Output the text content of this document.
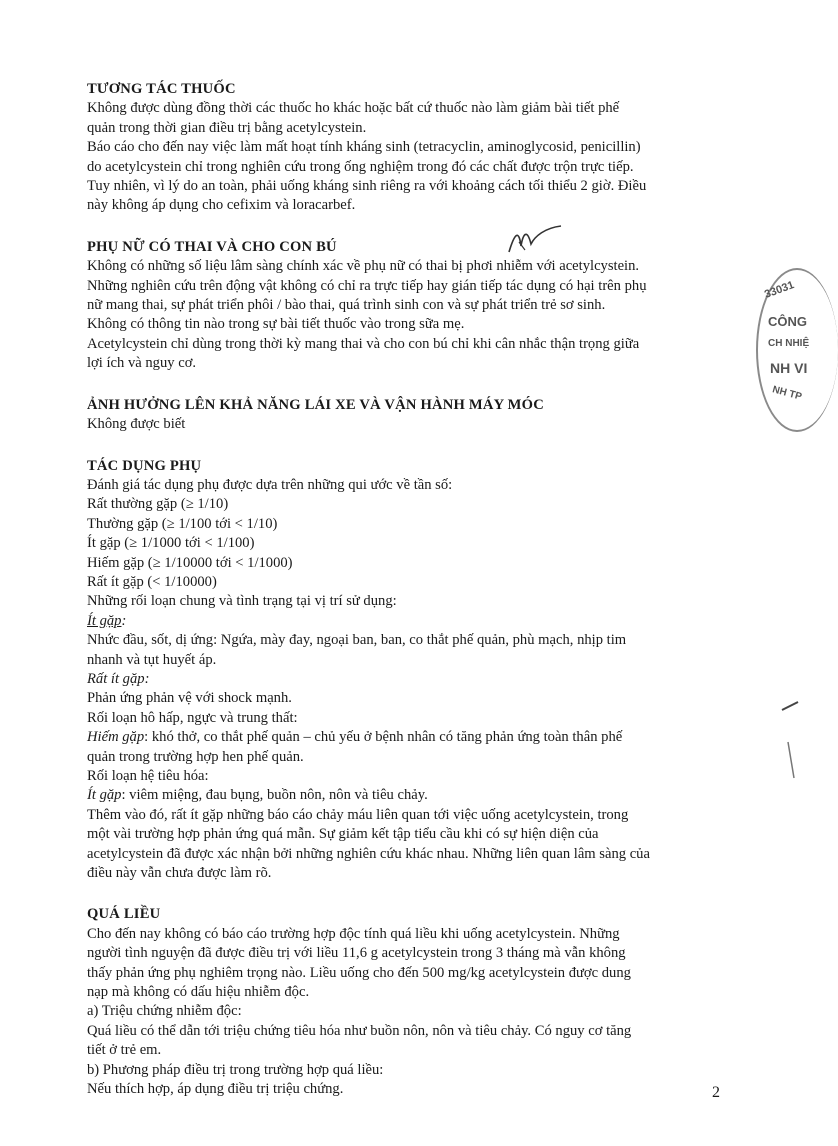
TƯƠNG TÁC THUỐC
Không được dùng đồng thời các thuốc ho khác hoặc bất cứ thuốc nào làm giảm bài tiết phế
quản trong thời gian điều trị bằng acetylcystein.
Báo cáo cho đến nay việc làm mất hoạt tính kháng sinh (tetracyclin, aminoglycosid, penicillin)
do acetylcystein chỉ trong nghiên cứu trong ống nghiệm trong đó các chất được trộn trực tiếp.
Tuy nhiên, vì lý do an toàn, phải uống kháng sinh riêng ra với khoảng cách tối thiểu 2 giờ. Điều
này không áp dụng cho cefixim và loracarbef.
PHỤ NỮ CÓ THAI VÀ CHO CON BÚ
Không có những số liệu lâm sàng chính xác về phụ nữ có thai bị phơi nhiễm với acetylcystein.
Những nghiên cứu trên động vật không có chỉ ra trực tiếp hay gián tiếp tác dụng có hại trên phụ
nữ mang thai, sự phát triển phôi / bào thai, quá trình sinh con và sự phát triển trẻ sơ sinh.
Không có thông tin nào trong sự bài tiết thuốc vào trong sữa mẹ.
Acetylcystein chỉ dùng trong thời kỳ mang thai và cho con bú chỉ khi cân nhắc thận trọng giữa
lợi ích và nguy cơ.
ẢNH HƯỞNG LÊN KHẢ NĂNG LÁI XE VÀ VẬN HÀNH MÁY MÓC
Không được biết
TÁC DỤNG PHỤ
Đánh giá tác dụng phụ được dựa trên những qui ước về tần số:
Rất thường gặp (≥ 1/10)
Thường gặp (≥ 1/100 tới < 1/10)
Ít gặp (≥ 1/1000 tới < 1/100)
Hiếm gặp (≥ 1/10000 tới < 1/1000)
Rất ít gặp (< 1/10000)
Những rối loạn chung và tình trạng tại vị trí sử dụng:
Ít gặp:
Nhức đầu, sốt, dị ứng: Ngứa, mày đay, ngoại ban, ban, co thắt phế quản, phù mạch, nhịp tim
nhanh và tụt huyết áp.
Rất ít gặp:
Phản ứng phản vệ với shock mạnh.
Rối loạn hô hấp, ngực và trung thất:
Hiếm gặp: khó thở, co thắt phế quản – chủ yếu ở bệnh nhân có tăng phản ứng toàn thân phế
quản trong trường hợp hen phế quản.
Rối loạn hệ tiêu hóa:
Ít gặp: viêm miệng, đau bụng, buồn nôn, nôn và tiêu chảy.
Thêm vào đó, rất ít gặp những báo cáo chảy máu liên quan tới việc uống acetylcystein, trong
một vài trường hợp phản ứng quá mẫn. Sự giảm kết tập tiểu cầu khi có sự hiện diện của
acetylcystein đã được xác nhận bởi những nghiên cứu khác nhau. Những liên quan lâm sàng của
điều này vẫn chưa được làm rõ.
QUÁ LIỀU
Cho đến nay không có báo cáo trường hợp độc tính quá liều khi uống acetylcystein. Những
người tình nguyện đã được điều trị với liều 11,6 g acetylcystein trong 3 tháng mà vẫn không
thấy phản ứng phụ nghiêm trọng nào. Liều uống cho đến 500 mg/kg acetylcystein được dung
nạp mà không có dấu hiệu nhiễm độc.
a) Triệu chứng nhiễm độc:
Quá liều có thể dẫn tới triệu chứng tiêu hóa như buồn nôn, nôn và tiêu chảy. Có nguy cơ tăng
tiết ở trẻ em.
b) Phương pháp điều trị trong trường hợp quá liều:
Nếu thích hợp, áp dụng điều trị triệu chứng.
33031
CÔNG
CH NHIỆ
NH VI
NH TP
2
